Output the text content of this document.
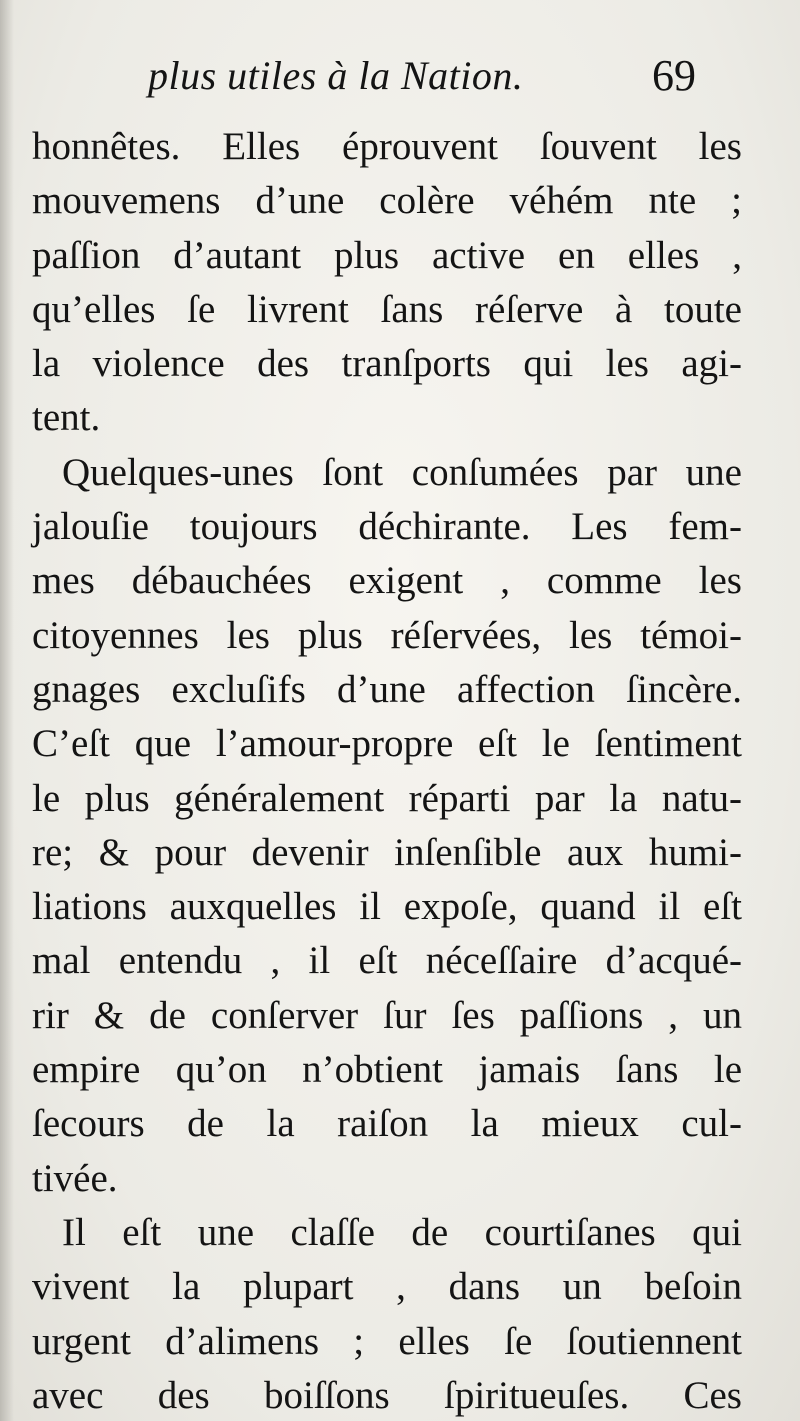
plus utiles à la Nation.	69
honnêtes. Elles éprouvent ſouvent les
mouvemens d’une colère véhém nte ;
paſſion d’autant plus active en elles ,
qu’elles ſe livrent ſans réſerve à toute
la violence des tranſports qui les agi-
tent.
Quelques-unes ſont conſumées par une
jalouſie toujours déchirante. Les fem-
mes débauchées exigent , comme les
citoyennes les plus réſervées, les témoi-
gnages excluſifs d’une affection ſincère.
C’eſt que l’amour-propre eſt le ſentiment
le plus généralement réparti par la natu-
re; & pour devenir inſenſible aux humi-
liations auxquelles il expoſe, quand il eſt
mal entendu , il eſt néceſſaire d’acqué-
rir & de conſerver ſur ſes paſſions , un
empire qu’on n’obtient jamais ſans le
ſecours de la raiſon la mieux cul-
tivée.
Il eſt une claſſe de courtiſanes qui
vivent la plupart , dans un beſoin
urgent d’alimens ; elles ſe ſoutiennent
avec des boiſſons ſpiritueuſes. Ces
